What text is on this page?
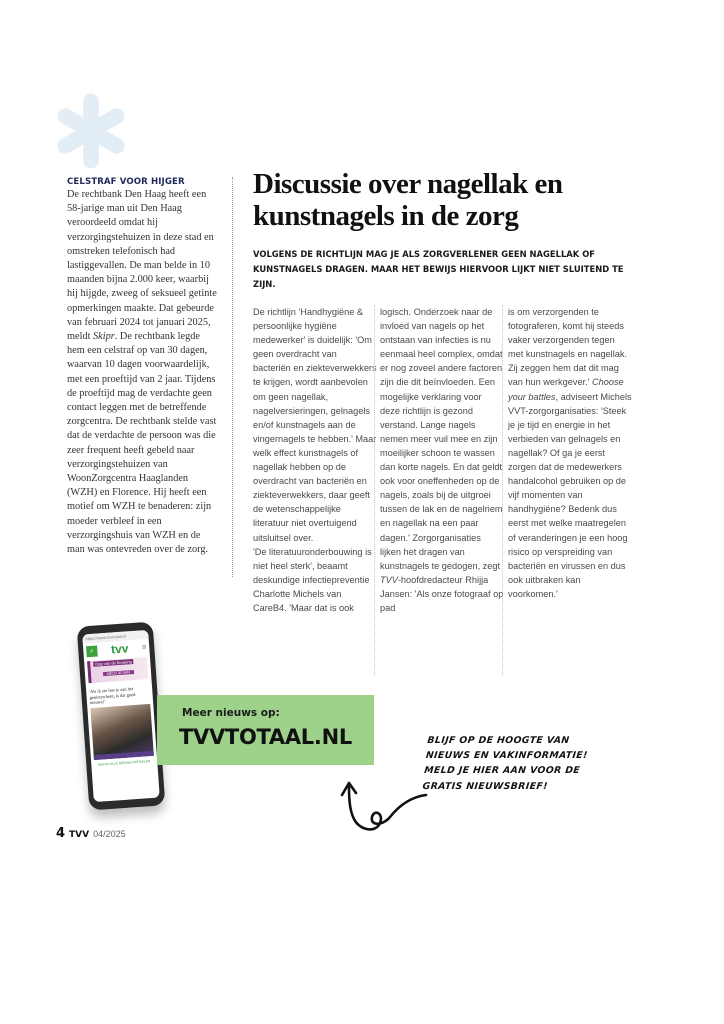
CELSTRAF VOOR HIJGER

De rechtbank Den Haag heeft een 58-jarige man uit Den Haag veroordeeld omdat hij verzorgingstehuizen in deze stad en omstreken telefonisch had lastiggevallen. De man belde in 10 maanden bijna 2.000 keer, waarbij hij hijgde, zweeg of seksueel getinte opmerkingen maakte. Dat gebeurde van februari 2024 tot januari 2025, meldt Skipr. De rechtbank legde hem een celstraf op van 30 dagen, waarvan 10 dagen voorwaardelijk, met een proeftijd van 2 jaar. Tijdens de proeftijd mag de verdachte geen contact leggen met de betreffende zorgcentra. De rechtbank stelde vast dat de verdachte de persoon was die zeer frequent heeft gebeld naar verzorgingstehuizen van WoonZorgcentra Haaglanden (WZH) en Florence. Hij heeft een motief om WZH te benaderen: zijn moeder verbleef in een verzorgingshuis van WZH en de man was ontevreden over de zorg.

Discussie over nagellak en kunstnagels in de zorg

VOLGENS DE RICHTLIJN MAG JE ALS ZORGVERLENER GEEN NAGELLAK OF KUNSTNAGELS DRAGEN. MAAR HET BEWIJS HIERVOOR LIJKT NIET SLUITEND TE ZIJN.

De richtlijn 'Handhygiëne & persoonlijke hygiëne medewerker' is duidelijk: 'Om geen overdracht van bacteriën en ziekteverwekkers te krijgen, wordt aanbevolen om geen nagellak, nagelversieringen, gelnagels en/of kunstnagels aan de vingernagels te hebben.' Maar welk effect kunstnagels of nagellak hebben op de overdracht van bacteriën en ziekteverwekkers, daar geeft de wetenschappelijke literatuur niet overtuigend uitsluitsel over.
'De literatuuronderbouwing is niet heel sterk', beaamt deskundige infectiepreventie Charlotte Michels van CareB4. 'Maar dat is ook
logisch. Onderzoek naar de invloed van nagels op het ontstaan van infecties is nu eenmaal heel complex, omdat er nog zoveel andere factoren zijn die dit beïnvloeden. Een mogelijke verklaring voor deze richtlijn is gezond verstand. Lange nagels nemen meer vuil mee en zijn moeilijker schoon te wassen dan korte nagels. En dat geldt ook voor oneffenheden op de nagels, zoals bij de uitgroei tussen de lak en de nagelriem en nagellak na een paar dagen.' Zorgorganisaties lijken het dragen van kunstnagels te gedogen, zegt TVV-hoofdredacteur Rhijja Jansen: 'Als onze fotograaf op pad
is om verzorgenden te fotograferen, komt hij steeds vaker verzorgenden tegen met kunstnagels en nagellak. Zij zeggen hem dat dit mag van hun werkgever.' Choose your battles, adviseert Michels VVT-zorgorganisaties: 'Steek je je tijd en energie in het verbieden van gelnagels en nagellak? Of ga je eerst zorgen dat de medewerkers handalcohol gebruiken op de vijf momenten van handhygiëne? Bedenk dus eerst met welke maatregelen of veranderingen je een hoog risico op verspreiding van bacteriën en virussen en dus ook uitbraken kan voorkomen.'
https://www.tvvtotaal.nl
⌕	tvv ≡
Dag van de Ervaring
MELD JE AAN
'Als ik zie hoe je aan het genieten bent, is dat goed nieuws!'
BEKIJK ALLE NIEUWS-ARTIKELEN
Meer nieuws op:
TVVTOTAAL.NL	BLIJF OP DE HOOGTE VAN
NIEUWS EN VAKINFORMATIE!
MELD JE HIER AAN VOOR DE
GRATIS NIEUWSBRIEF!
4 TVV 04/2025
